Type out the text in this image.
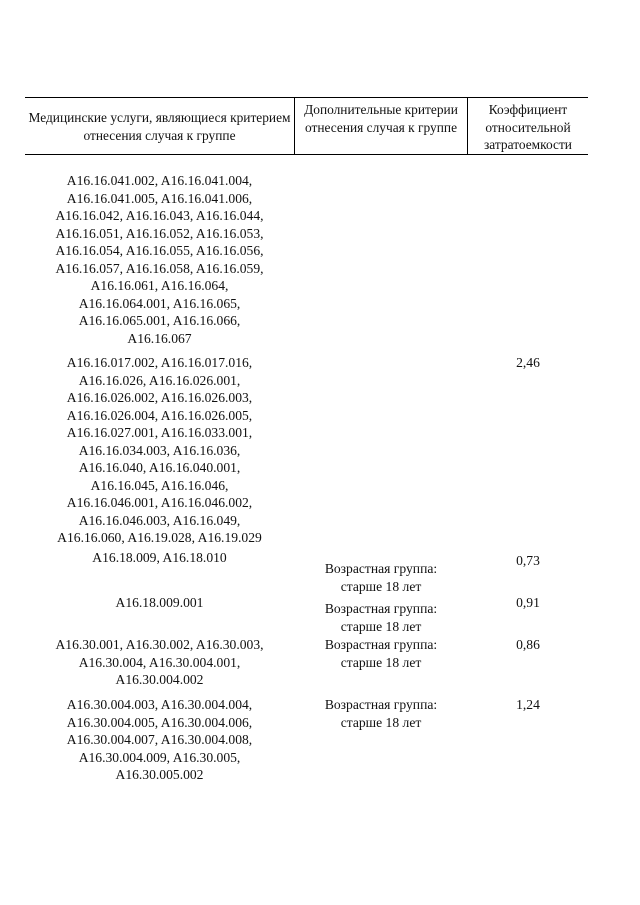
Медицинские услуги, являющиеся критерием отнесения случая к группе
Дополнительные критерии отнесения случая к группе
Коэффициент относительной затратоемкости
A16.16.041.002, A16.16.041.004,
A16.16.041.005, A16.16.041.006,
A16.16.042, A16.16.043, A16.16.044,
A16.16.051, A16.16.052, A16.16.053,
A16.16.054, A16.16.055, A16.16.056,
A16.16.057, A16.16.058, A16.16.059,
A16.16.061, A16.16.064,
A16.16.064.001, A16.16.065,
A16.16.065.001, A16.16.066,
A16.16.067
A16.16.017.002, A16.16.017.016,
A16.16.026, A16.16.026.001,
A16.16.026.002, A16.16.026.003,
A16.16.026.004, A16.16.026.005,
A16.16.027.001, A16.16.033.001,
A16.16.034.003, A16.16.036,
A16.16.040, A16.16.040.001,
A16.16.045, A16.16.046,
A16.16.046.001, A16.16.046.002,
A16.16.046.003, A16.16.049,
A16.16.060, A16.19.028, A16.19.029
2,46
A16.18.009, A16.18.010
Возрастная группа:
старше 18 лет
0,73
A16.18.009.001	Возрастная группа:
старше 18 лет
0,91
A16.30.001, A16.30.002, A16.30.003,
A16.30.004, A16.30.004.001,
A16.30.004.002
Возрастная группа:
старше 18 лет
0,86
A16.30.004.003, A16.30.004.004,
A16.30.004.005, A16.30.004.006,
A16.30.004.007, A16.30.004.008,
A16.30.004.009, A16.30.005,
A16.30.005.002
Возрастная группа:
старше 18 лет
1,24
